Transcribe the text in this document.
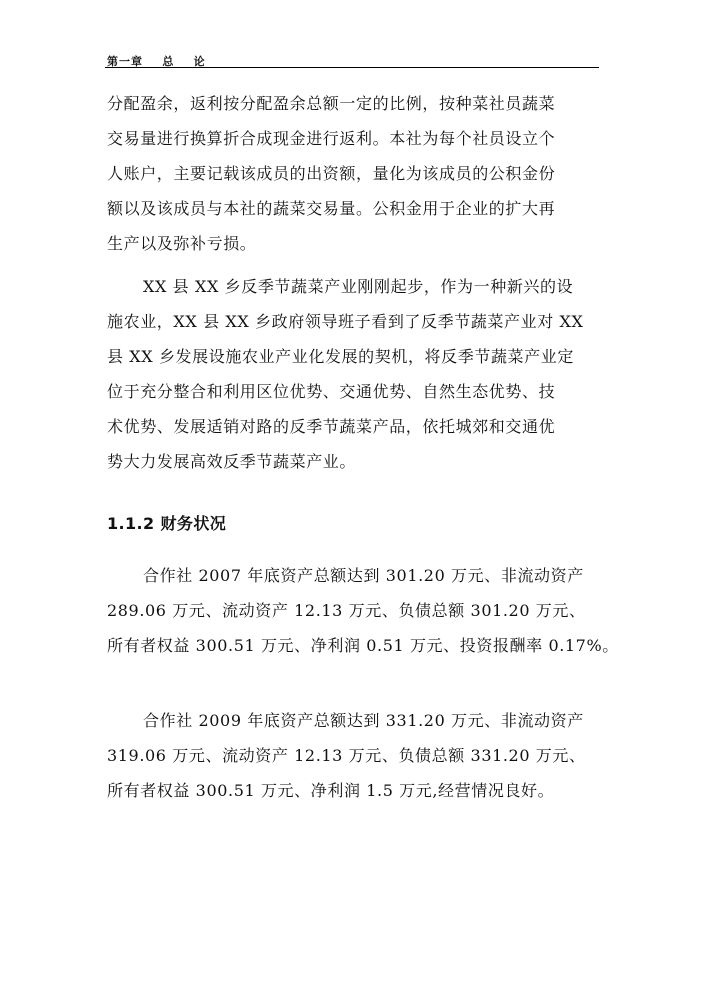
第一章    总    论
分配盈余，返利按分配盈余总额一定的比例，按种菜社员蔬菜
交易量进行换算折合成现金进行返利。本社为每个社员设立个
人账户，主要记载该成员的出资额，量化为该成员的公积金份
额以及该成员与本社的蔬菜交易量。公积金用于企业的扩大再
生产以及弥补亏损。
XX 县 XX 乡反季节蔬菜产业刚刚起步，作为一种新兴的设
施农业，XX 县 XX 乡政府领导班子看到了反季节蔬菜产业对 XX
县 XX 乡发展设施农业产业化发展的契机，将反季节蔬菜产业定
位于充分整合和利用区位优势、交通优势、自然生态优势、技
术优势、发展适销对路的反季节蔬菜产品，依托城郊和交通优
势大力发展高效反季节蔬菜产业。
1.1.2 财务状况
合作社 2007 年底资产总额达到 301.20 万元、非流动资产
289.06 万元、流动资产 12.13 万元、负债总额 301.20 万元、
所有者权益 300.51 万元、净利润 0.51 万元、投资报酬率 0.17%。
合作社 2009 年底资产总额达到 331.20 万元、非流动资产
319.06 万元、流动资产 12.13 万元、负债总额 331.20 万元、
所有者权益 300.51 万元、净利润 1.5 万元,经营情况良好。
